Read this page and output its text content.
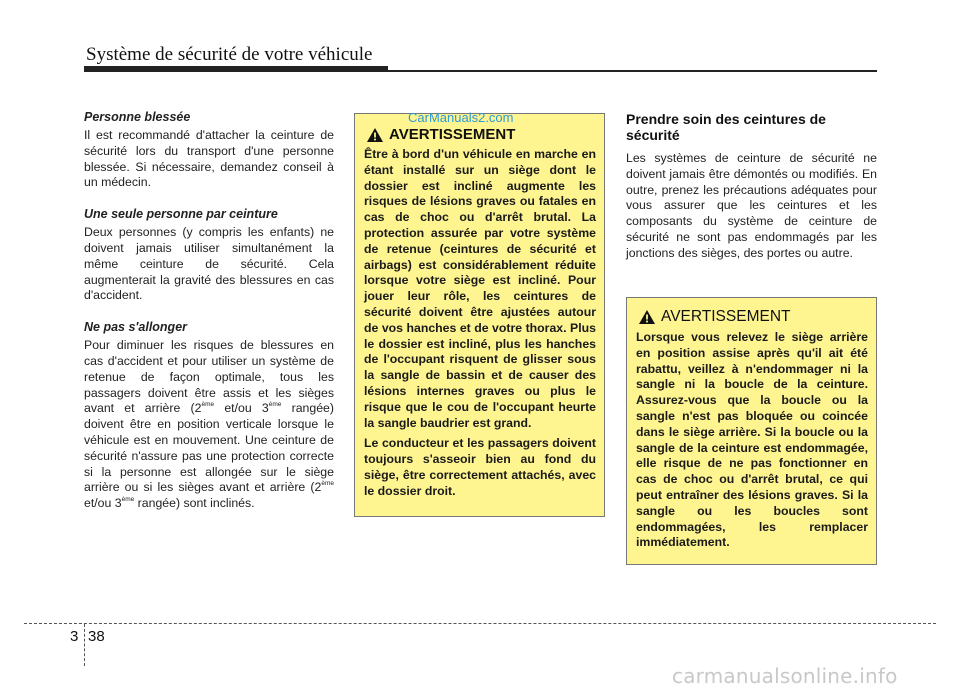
Système de sécurité de votre véhicule
Personne blessée

Il est recommandé d'attacher la ceinture de sécurité lors du transport d'une personne blessée. Si nécessaire, demandez conseil à un médecin.

Une seule personne par ceinture

Deux personnes (y compris les enfants) ne doivent jamais utiliser simultanément la même ceinture de sécurité. Cela augmenterait la gravité des blessures en cas d'accident.

Ne pas s'allonger

Pour diminuer les risques de blessures en cas d'accident et pour utiliser un système de retenue de façon optimale, tous les passagers doivent être assis et les sièges avant et arrière (2ème et/ou 3ème rangée) doivent être en position verticale lorsque le véhicule est en mouvement. Une ceinture de sécurité n'assure pas une protection correcte si la personne est allongée sur le siège arrière ou si les sièges avant et arrière (2ème et/ou 3ème rangée) sont inclinés.

AVERTISSEMENT

Être à bord d'un véhicule en marche en étant installé sur un siège dont le dossier est incliné augmente les risques de lésions graves ou fatales en cas de choc ou d'arrêt brutal. La protection assurée par votre système de retenue (ceintures de sécurité et airbags) est considérablement réduite lorsque votre siège est incliné. Pour jouer leur rôle, les ceintures de sécurité doivent être ajustées autour de vos hanches et de votre thorax. Plus le dossier est incliné, plus les hanches de l'occupant risquent de glisser sous la sangle de bassin et de causer des lésions internes graves ou plus le risque que le cou de l'occupant heurte la sangle baudrier est grand.

Le conducteur et les passagers doivent toujours s'asseoir bien au fond du siège, être correctement attachés, avec le dossier droit.

CarManuals2.com	Prendre soin des ceintures de sécurité

Les systèmes de ceinture de sécurité ne doivent jamais être démontés ou modifiés. En outre, prenez les précautions adéquates pour vous assurer que les ceintures et les composants du système de ceinture de sécurité ne sont pas endommagés par les jonctions des sièges, des portes ou autre.

AVERTISSEMENT

Lorsque vous relevez le siège arrière en position assise après qu'il ait été rabattu, veillez à n'endommager ni la sangle ni la boucle de la ceinture. Assurez-vous que la boucle ou la sangle n'est pas bloquée ou coincée dans le siège arrière. Si la boucle ou la sangle de la ceinture est endommagée, elle risque de ne pas fonctionner en cas de choc ou d'arrêt brutal, ce qui peut entraîner des lésions graves. Si la sangle ou les boucles sont endommagées, les remplacer immédiatement.

3 38
carmanualsonline.info
